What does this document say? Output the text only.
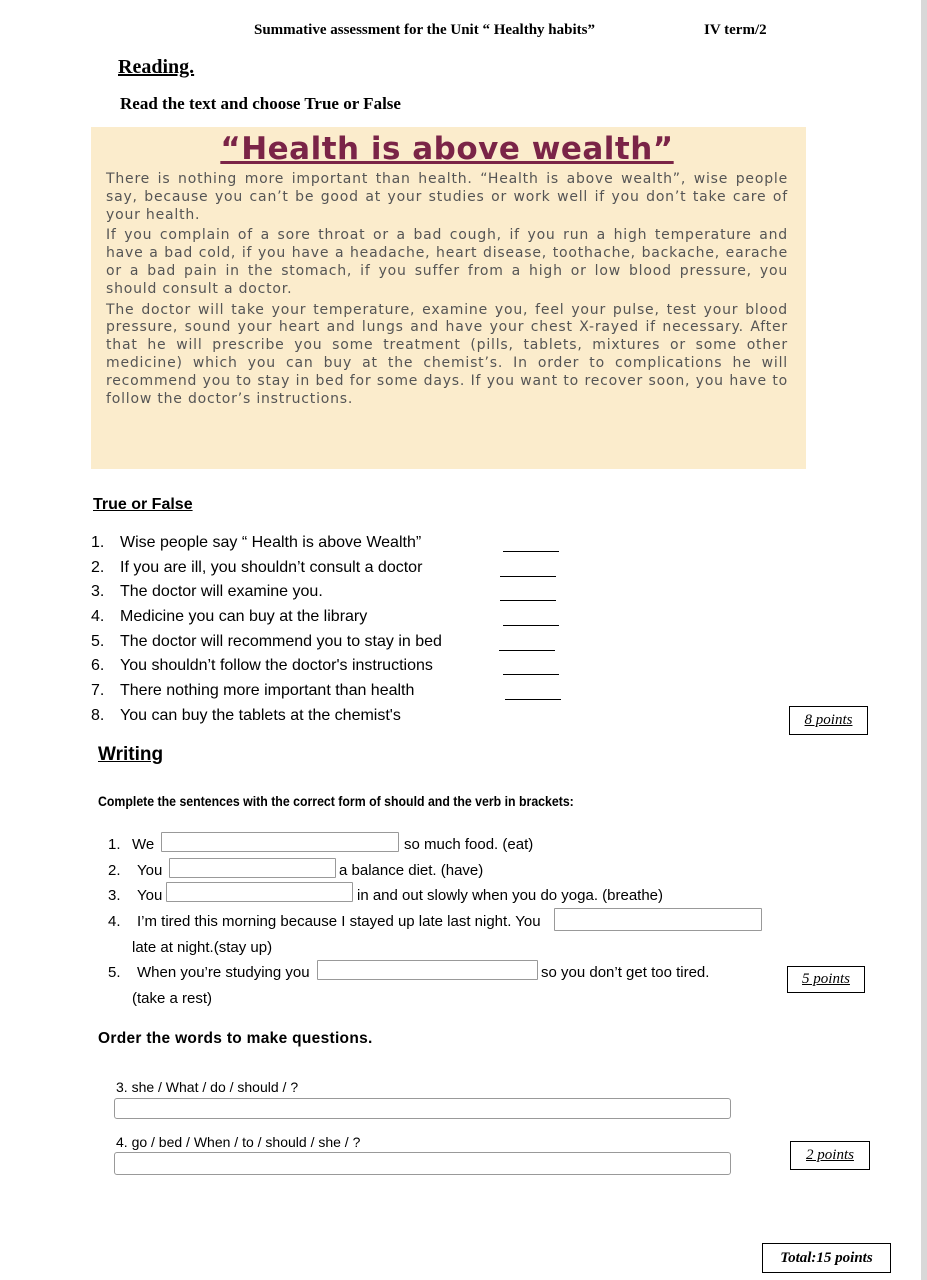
Summative assessment for the Unit “ Healthy habits”	IV term/2
Reading.
Read the text and choose True or False
“Health is above wealth”

There is nothing more important than health. “Health is above wealth”, wise people say, because you can’t be good at your studies or work well if you don’t take care of your health.

If you complain of a sore throat or a bad cough, if you run a high temperature and have a bad cold, if you have a headache, heart disease, toothache, backache, earache or a bad pain in the stomach, if you suffer from a high or low blood pressure, you should consult a doctor.

The doctor will take your temperature, examine you, feel your pulse, test your blood pressure, sound your heart and lungs and have your chest X-rayed if necessary. After that he will prescribe you some treatment (pills, tablets, mixtures or some other medicine) which you can buy at the chemist’s. In order to complications he will recommend you to stay in bed for some days. If you want to recover soon, you have to follow the doctor’s instructions.

True or False
1. Wise people say “ Health is above Wealth”
2. If you are ill, you shouldn’t consult a doctor
3. The doctor will examine you.
4. Medicine you can buy at the library
5. The doctor will recommend you to stay in bed
6. You shouldn’t follow the doctor's instructions
7. There nothing more important than health
8. You can buy the tablets at the chemist's	8 points
Writing
Complete the sentences with the correct form of should and the verb in brackets:
1. We	so much food. (eat)
2. You	a balance diet. (have)
3. You	in and out slowly when you do yoga. (breathe)
4. I’m tired this morning because I stayed up late last night. You
late at night.(stay up)
5. When you’re studying you	so you don’t get too tired.
(take a rest)
5 points
Order the words to make questions.
3. she / What / do / should / ?
4. go / bed / When / to / should / she / ?
2 points
Total:15 points
